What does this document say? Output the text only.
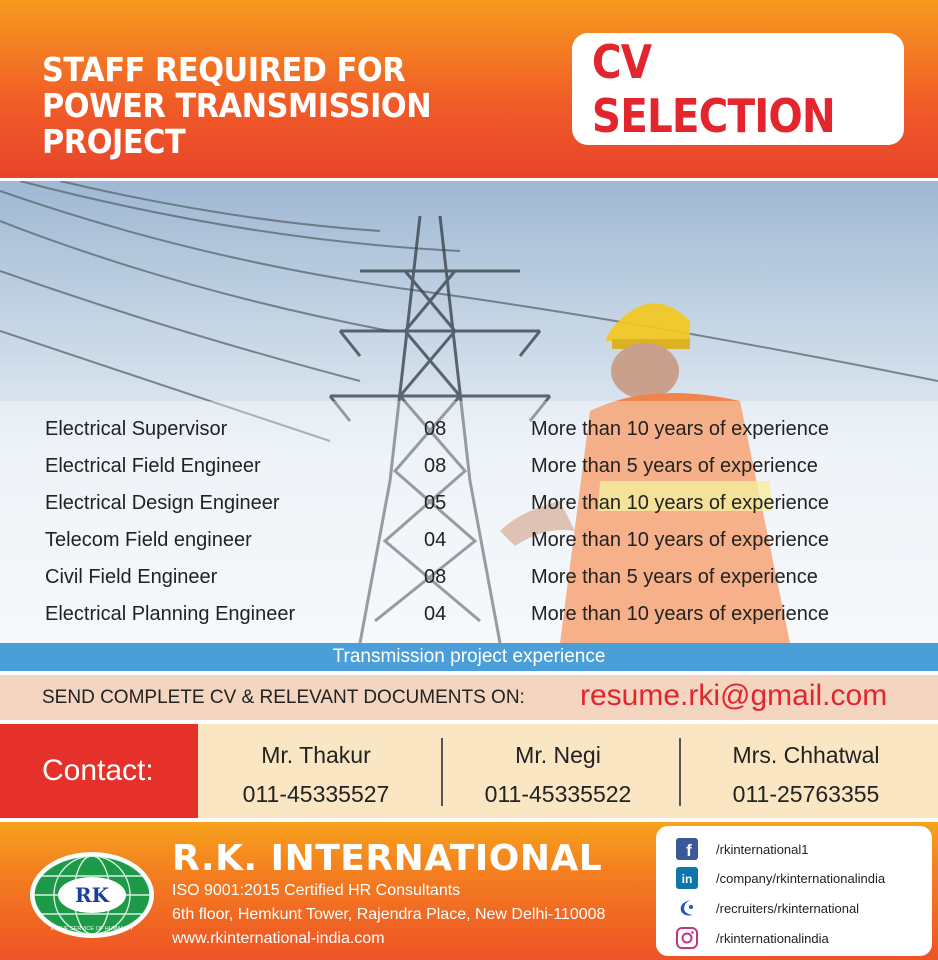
STAFF REQUIRED FOR
POWER TRANSMISSION PROJECT
CV SELECTION
Electrical Supervisor	08	More than 10 years of experience
Electrical Field Engineer	08	More than 5 years of experience
Electrical Design Engineer	05	More than 10 years of experience
Telecom Field engineer	04	More than 10 years of experience
Civil Field Engineer	08	More than 5 years of experience
Electrical Planning Engineer	04	More than 10 years of experience
Transmission project experience
SEND COMPLETE CV & RELEVANT DOCUMENTS ON: resume.rki@gmail.com
Contact:	Mr. Thakur
011-45335527
Mr. Negi
011-45335522
Mrs. Chhatwal
011-25763355
RK
IN THE SERVICE OF HUMANITY
R.K. INTERNATIONAL
ISO 9001:2015 Certified HR Consultants
6th floor, Hemkunt Tower, Rajendra Place, New Delhi-110008
www.rkinternational-india.com
f /rkinternational1
in /company/rkinternationalindia
/recruiters/rkinternational
/rkinternationalindia
